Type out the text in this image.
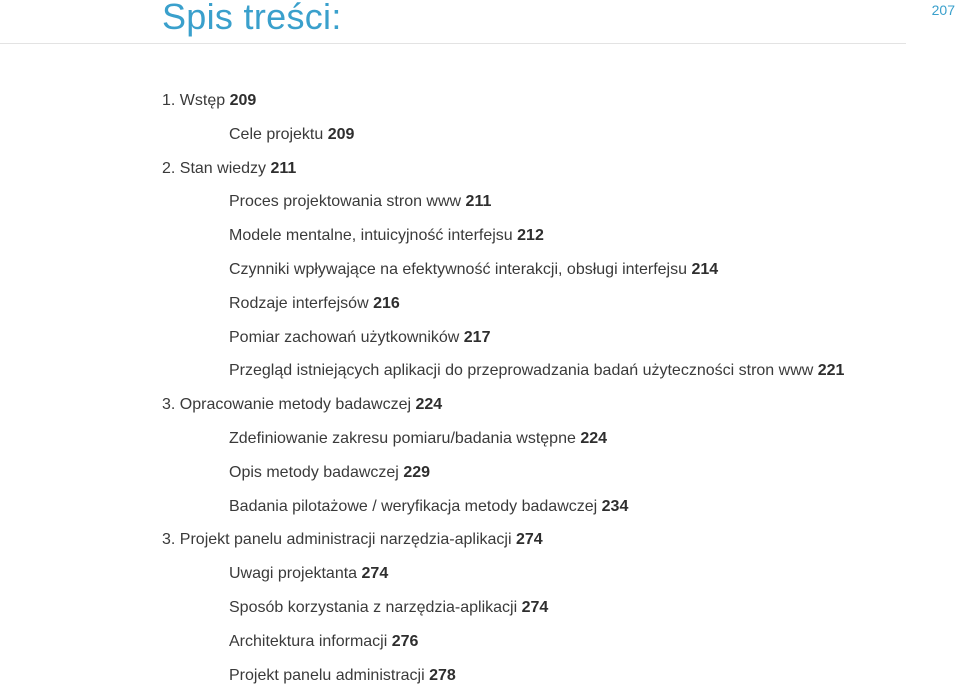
Spis treści:	207
1. Wstęp 209
Cele projektu 209
2. Stan wiedzy 211
Proces projektowania stron www 211
Modele mentalne, intuicyjność interfejsu 212
Czynniki wpływające na efektywność interakcji, obsługi interfejsu 214
Rodzaje interfejsów 216
Pomiar zachowań użytkowników 217
Przegląd istniejących aplikacji do przeprowadzania badań użyteczności stron www 221
3. Opracowanie metody badawczej 224
Zdefiniowanie zakresu pomiaru/badania wstępne 224
Opis metody badawczej 229
Badania pilotażowe / weryfikacja metody badawczej 234
3. Projekt panelu administracji narzędzia-aplikacji 274
Uwagi projektanta 274
Sposób korzystania z narzędzia-aplikacji 274
Architektura informacji 276
Projekt panelu administracji 278
